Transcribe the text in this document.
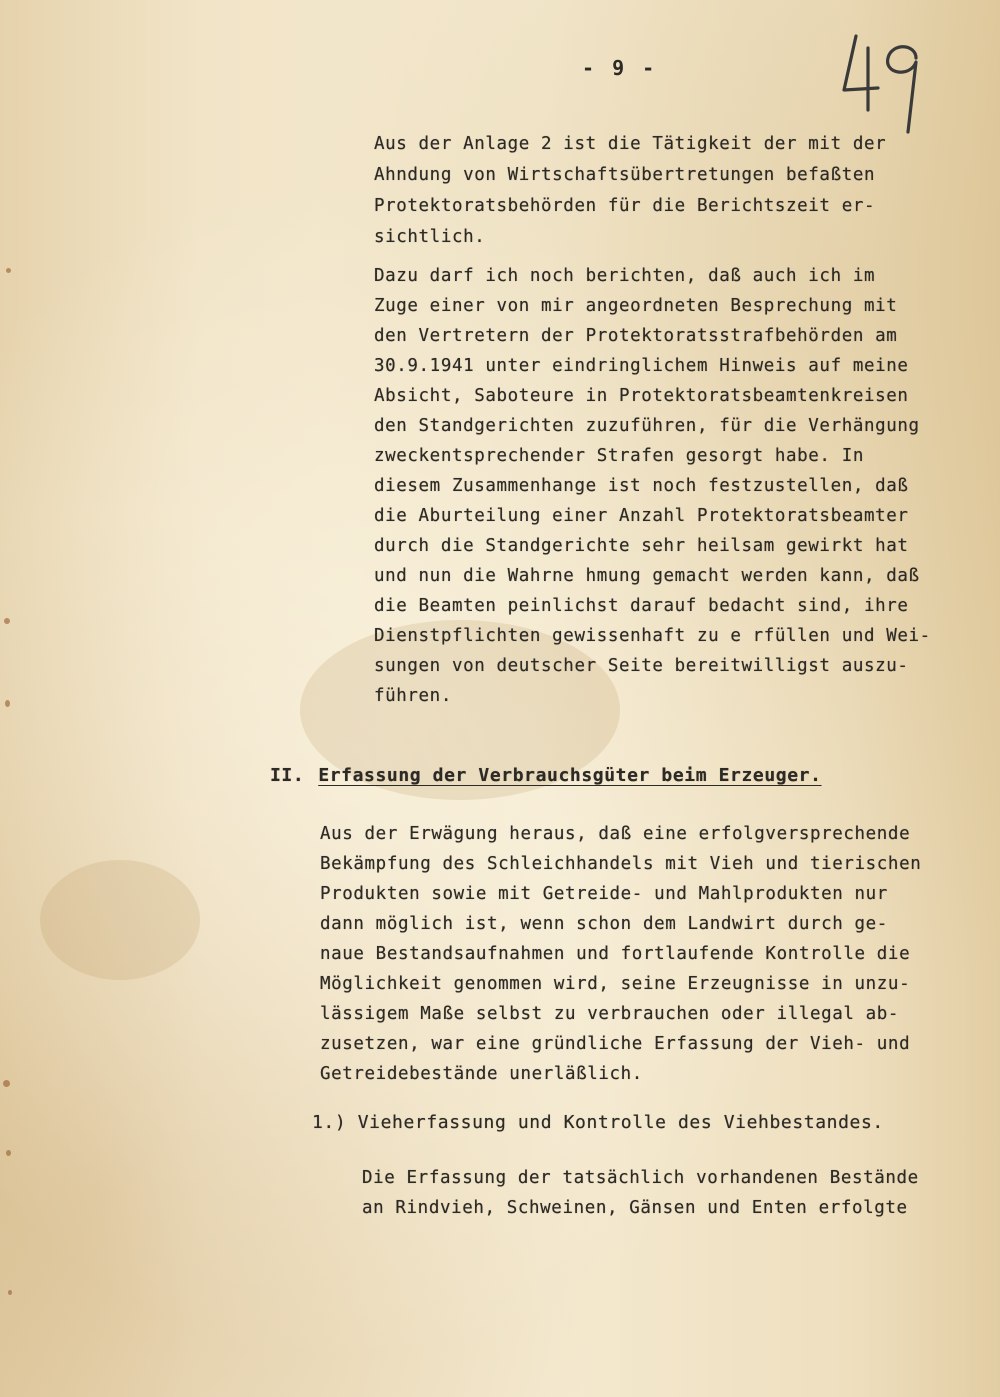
- 9 -
Aus der Anlage 2 ist die Tätigkeit der mit der
Ahndung von Wirtschaftsübertretungen befaßten
Protektoratsbehörden für die Berichtszeit er-
sichtlich.
Dazu darf ich noch berichten, daß auch ich im
Zuge einer von mir angeordneten Besprechung mit
den Vertretern der Protektoratsstrafbehörden am
30.9.1941 unter eindringlichem Hinweis auf meine
Absicht, Saboteure in Protektoratsbeamtenkreisen
den Standgerichten zuzuführen, für die Verhängung
zweckentsprechender Strafen gesorgt habe. In
diesem Zusammenhange ist noch festzustellen, daß
die Aburteilung einer Anzahl Protektoratsbeamter
durch die Standgerichte sehr heilsam gewirkt hat
und nun die Wahrne hmung gemacht werden kann, daß
die Beamten peinlichst darauf bedacht sind, ihre
Dienstpflichten gewissenhaft zu e rfüllen und Wei-
sungen von deutscher Seite bereitwilligst auszu-
führen.
II. Erfassung der Verbrauchsgüter beim Erzeuger.
Aus der Erwägung heraus, daß eine erfolgversprechende
Bekämpfung des Schleichhandels mit Vieh und tierischen
Produkten sowie mit Getreide- und Mahlprodukten nur
dann möglich ist, wenn schon dem Landwirt durch ge-
naue Bestandsaufnahmen und fortlaufende Kontrolle die
Möglichkeit genommen wird, seine Erzeugnisse in unzu-
lässigem Maße selbst zu verbrauchen oder illegal ab-
zusetzen, war eine gründliche Erfassung der Vieh- und
Getreidebestände unerläßlich.
1.) Vieherfassung und Kontrolle des Viehbestandes.
Die Erfassung der tatsächlich vorhandenen Bestände
an Rindvieh, Schweinen, Gänsen und Enten erfolgte
